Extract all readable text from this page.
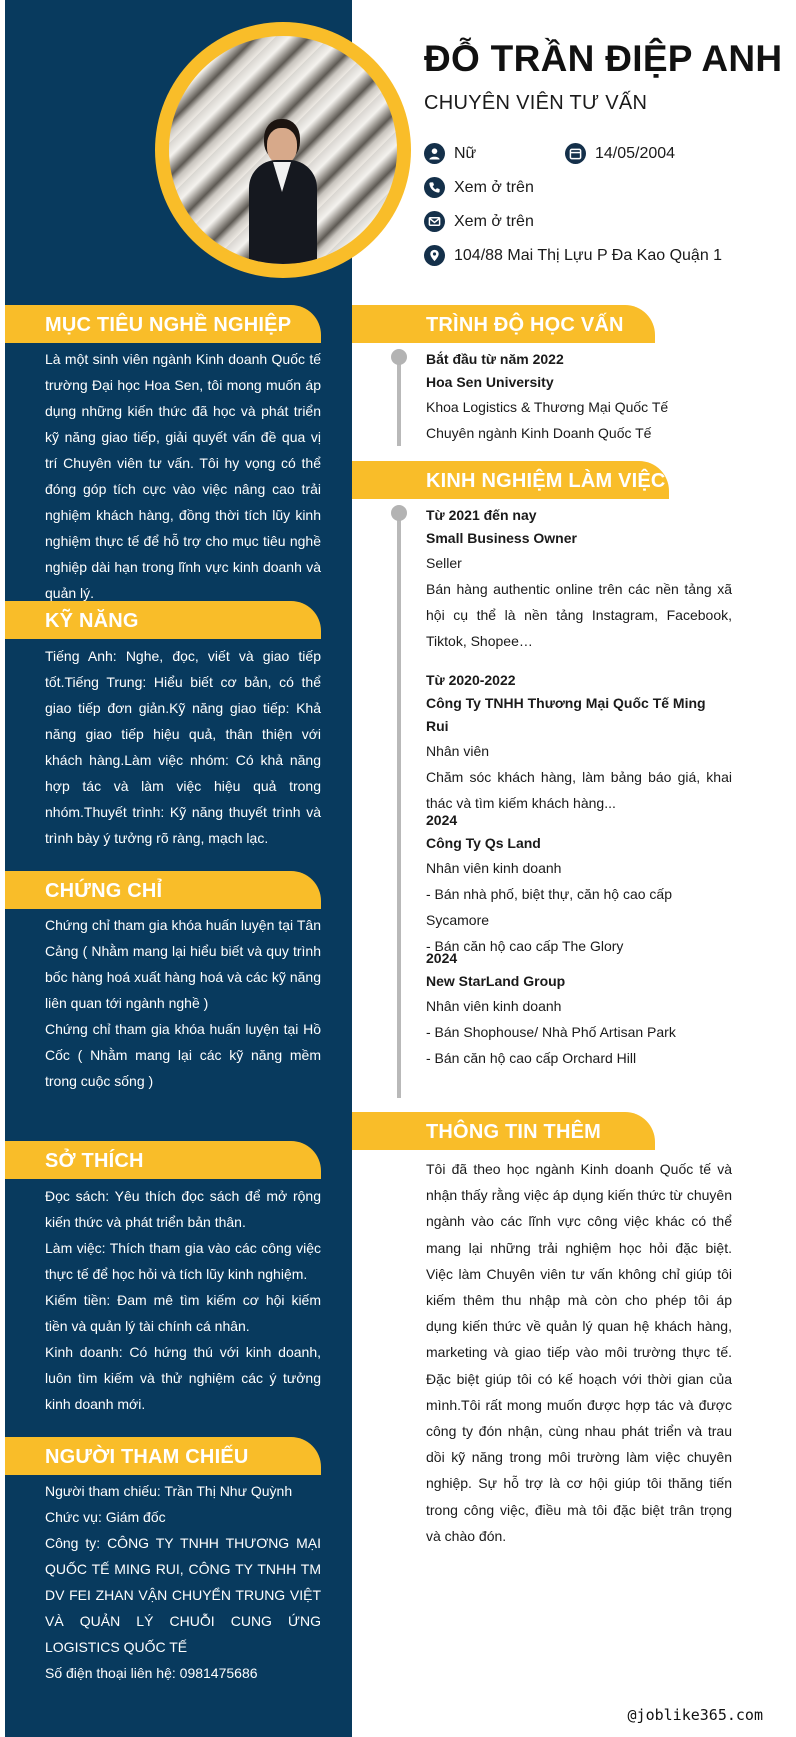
MỤC TIÊU NGHỀ NGHIỆP
Là một sinh viên ngành Kinh doanh Quốc tế trường Đại học Hoa Sen, tôi mong muốn áp dụng những kiến thức đã học và phát triển kỹ năng giao tiếp, giải quyết vấn đề qua vị trí Chuyên viên tư vấn. Tôi hy vọng có thể đóng góp tích cực vào việc nâng cao trải nghiệm khách hàng, đồng thời tích lũy kinh nghiệm thực tế để hỗ trợ cho mục tiêu nghề nghiệp dài hạn trong lĩnh vực kinh doanh và quản lý.
KỸ NĂNG
Tiếng Anh: Nghe, đọc, viết và giao tiếp tốt.Tiếng Trung: Hiểu biết cơ bản, có thể giao tiếp đơn giản.Kỹ năng giao tiếp: Khả năng giao tiếp hiệu quả, thân thiện với khách hàng.Làm việc nhóm: Có khả năng hợp tác và làm việc hiệu quả trong nhóm.Thuyết trình: Kỹ năng thuyết trình và trình bày ý tưởng rõ ràng, mạch lạc.
CHỨNG CHỈ

Chứng chỉ tham gia khóa huấn luyện tại Tân Cảng ( Nhằm mang lại hiểu biết và quy trình bốc hàng hoá xuất hàng hoá và các kỹ năng liên quan tới ngành nghề )

Chứng chỉ tham gia khóa huấn luyện tại Hồ Cốc ( Nhằm mang lại các kỹ năng mềm trong cuộc sống )

SỞ THÍCH

Đọc sách: Yêu thích đọc sách để mở rộng kiến thức và phát triển bản thân.

Làm việc: Thích tham gia vào các công việc thực tế để học hỏi và tích lũy kinh nghiệm.

Kiếm tiền: Đam mê tìm kiếm cơ hội kiếm tiền và quản lý tài chính cá nhân.

Kinh doanh: Có hứng thú với kinh doanh, luôn tìm kiếm và thử nghiệm các ý tưởng kinh doanh mới.

NGƯỜI THAM CHIẾU

Người tham chiếu: Trần Thị Như Quỳnh

Chức vụ: Giám đốc

Công ty: CÔNG TY TNHH THƯƠNG MẠI QUỐC TẾ MING RUI, CÔNG TY TNHH TM DV FEI ZHAN VẬN CHUYỂN TRUNG VIỆT VÀ QUẢN LÝ CHUỖI CUNG ỨNG LOGISTICS QUỐC TẾ

Số điện thoại liên hệ: 0981475686

ĐỖ TRẦN ĐIỆP ANH
CHUYÊN VIÊN TƯ VẤN
Nữ	14/05/2004
Xem ở trên
Xem ở trên
104/88 Mai Thị Lựu P Đa Kao Quận 1
TRÌNH ĐỘ HỌC VẤN
Bắt đầu từ năm 2022
Hoa Sen University
Khoa Logistics & Thương Mại Quốc Tế
Chuyên ngành Kinh Doanh Quốc Tế
KINH NGHIỆM LÀM VIỆC
Từ 2021 đến nay
Small Business Owner
Seller
Bán hàng authentic online trên các nền tảng xã hội cụ thể là nền tảng Instagram, Facebook, Tiktok, Shopee…
Từ 2020-2022
Công Ty TNHH Thương Mại Quốc Tế Ming Rui
Nhân viên
Chăm sóc khách hàng, làm bảng báo giá, khai thác và tìm kiếm khách hàng...
2024
Công Ty Qs Land
Nhân viên kinh doanh
- Bán nhà phố, biệt thự, căn hộ cao cấp Sycamore
- Bán căn hộ cao cấp The Glory
2024
New StarLand Group
Nhân viên kinh doanh
- Bán Shophouse/ Nhà Phố Artisan Park
- Bán căn hộ cao cấp Orchard Hill
THÔNG TIN THÊM
Tôi đã theo học ngành Kinh doanh Quốc tế và nhận thấy rằng việc áp dụng kiến thức từ chuyên ngành vào các lĩnh vực công việc khác có thể mang lại những trải nghiệm học hỏi đặc biệt. Việc làm Chuyên viên tư vấn không chỉ giúp tôi kiếm thêm thu nhập mà còn cho phép tôi áp dụng kiến thức về quản lý quan hệ khách hàng, marketing và giao tiếp vào môi trường thực tế. Đặc biệt giúp tôi có kế hoạch với thời gian của mình.Tôi rất mong muốn được hợp tác và được công ty đón nhận, cùng nhau phát triển và trau dồi kỹ năng trong môi trường làm việc chuyên nghiệp. Sự hỗ trợ là cơ hội giúp tôi thăng tiến trong công việc, điều mà tôi đặc biệt trân trọng và chào đón.
@joblike365.com
